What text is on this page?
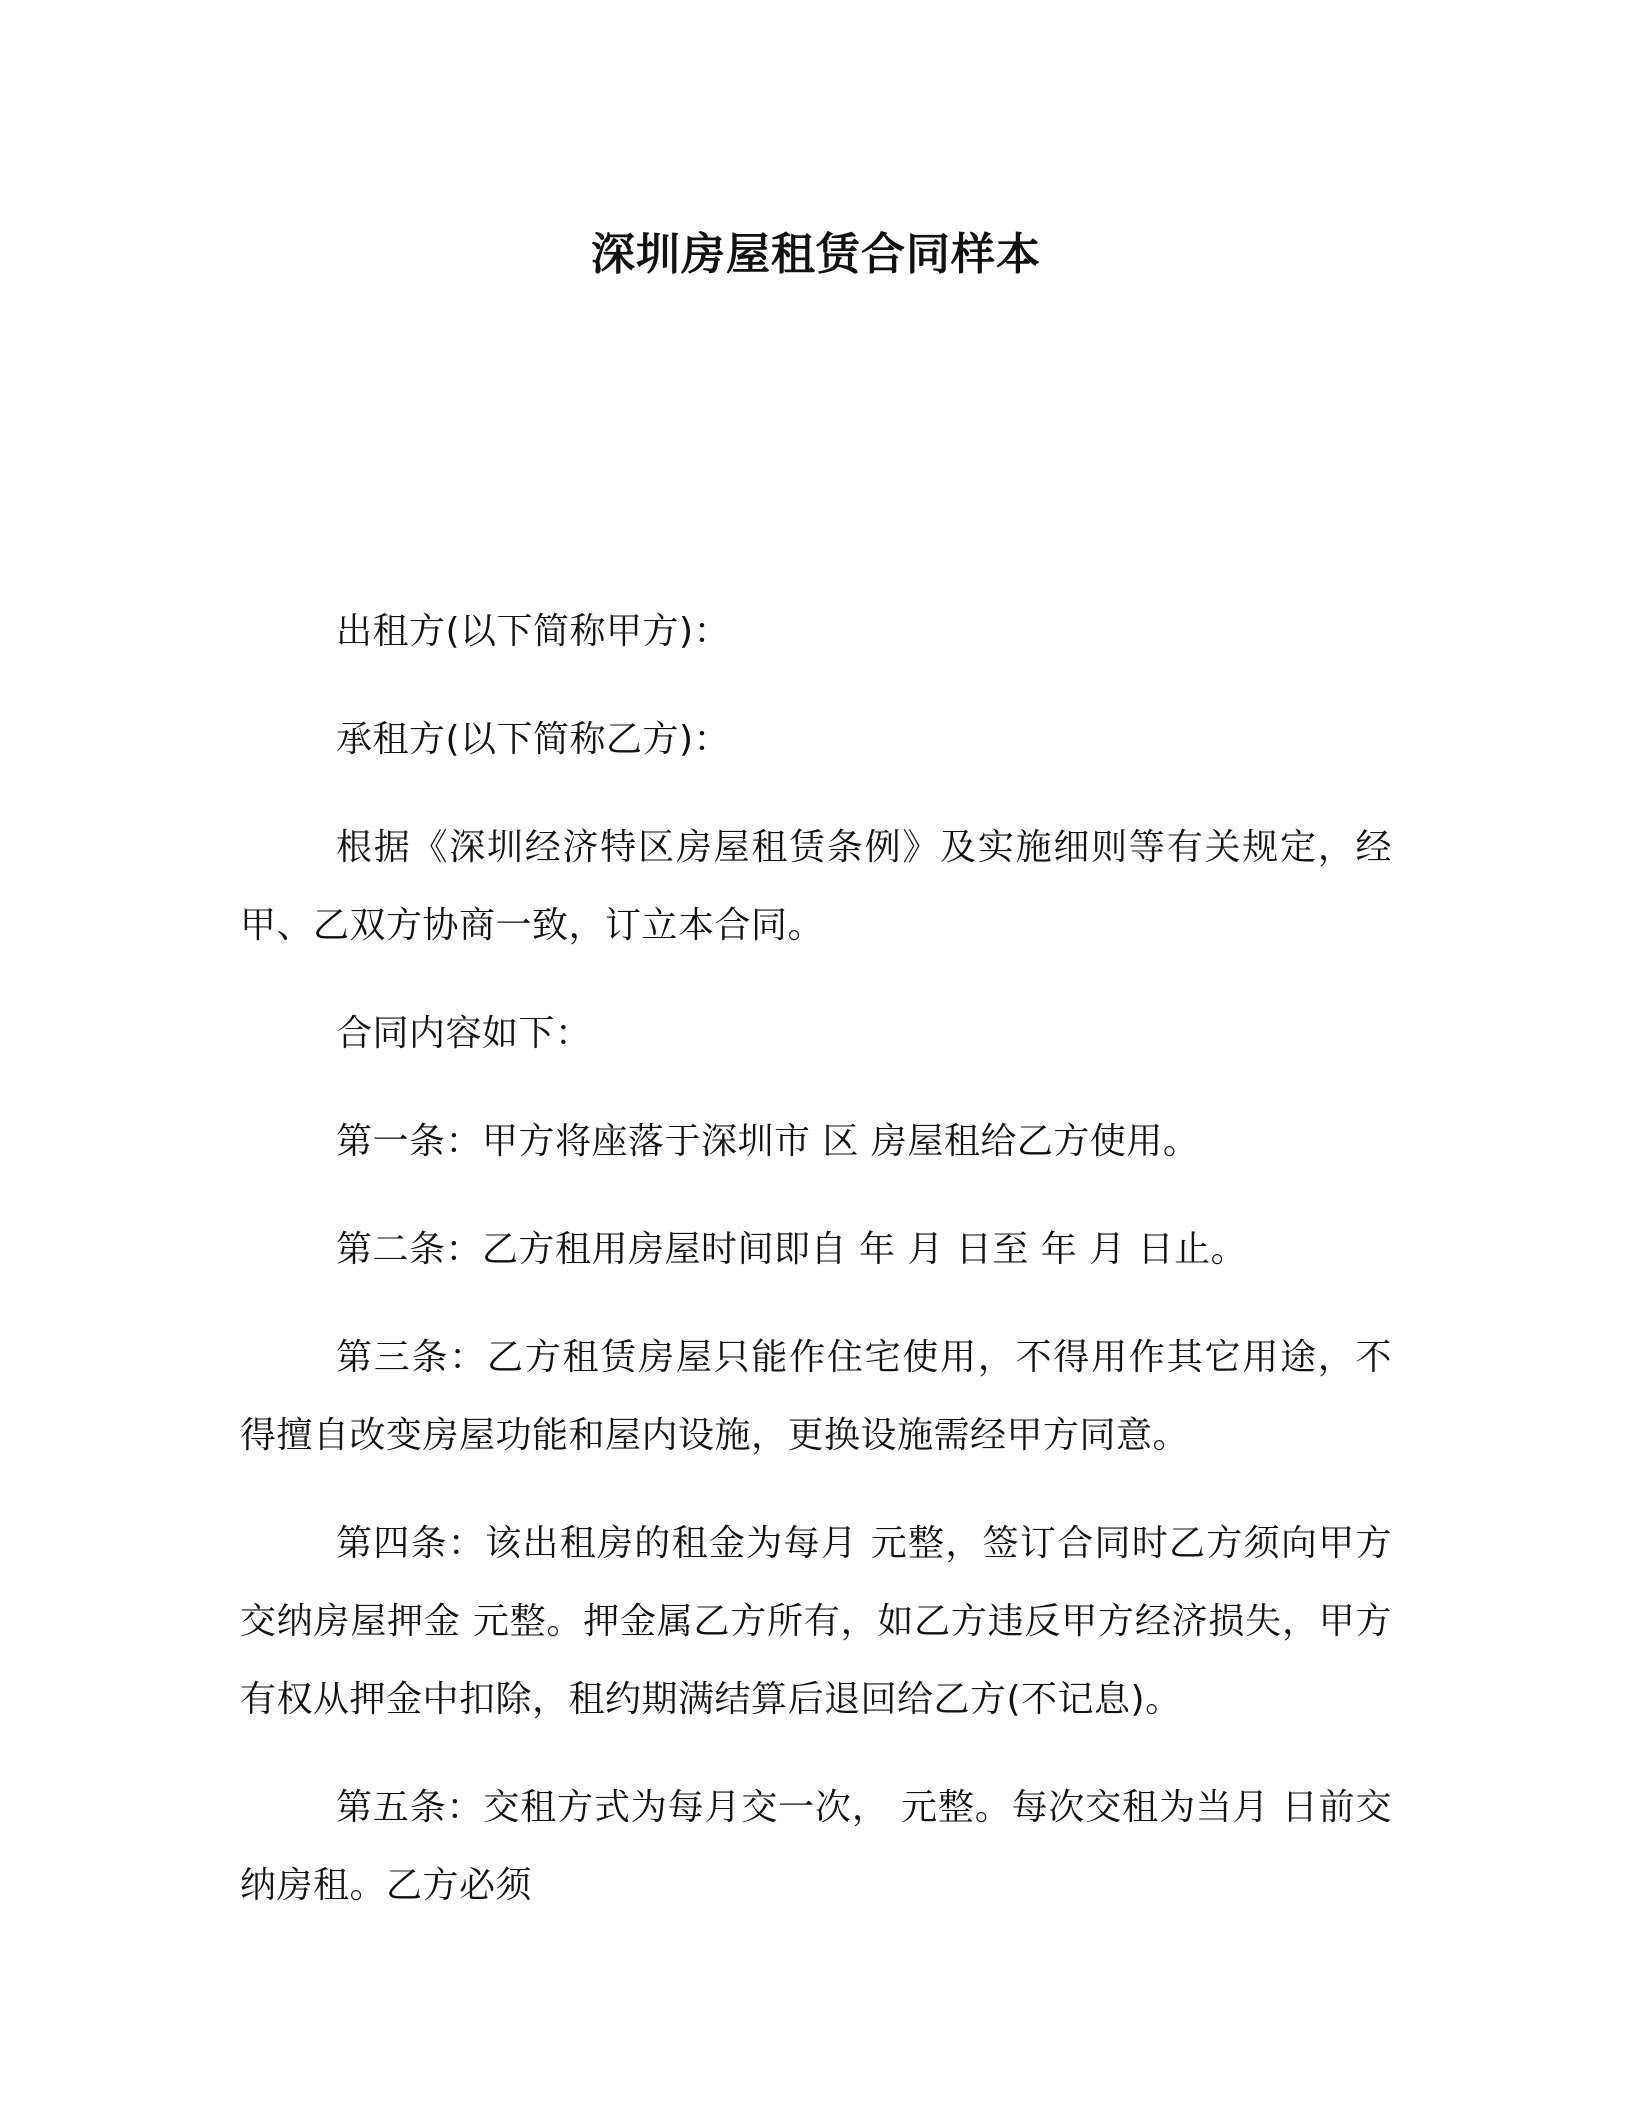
深圳房屋租赁合同样本

出租方(以下简称甲方)：

承租方(以下简称乙方)：

根据《深圳经济特区房屋租赁条例》及实施细则等有关规定，经甲、乙双方协商一致，订立本合同。

合同内容如下：

第一条：甲方将座落于深圳市 区 房屋租给乙方使用。

第二条：乙方租用房屋时间即自 年 月 日至 年 月 日止。

第三条：乙方租赁房屋只能作住宅使用，不得用作其它用途，不得擅自改变房屋功能和屋内设施，更换设施需经甲方同意。

第四条：该出租房的租金为每月 元整，签订合同时乙方须向甲方交纳房屋押金 元整。押金属乙方所有，如乙方违反甲方经济损失，甲方有权从押金中扣除，租约期满结算后退回给乙方(不记息)。

第五条：交租方式为每月交一次， 元整。每次交租为当月 日前交纳房租。乙方必须
